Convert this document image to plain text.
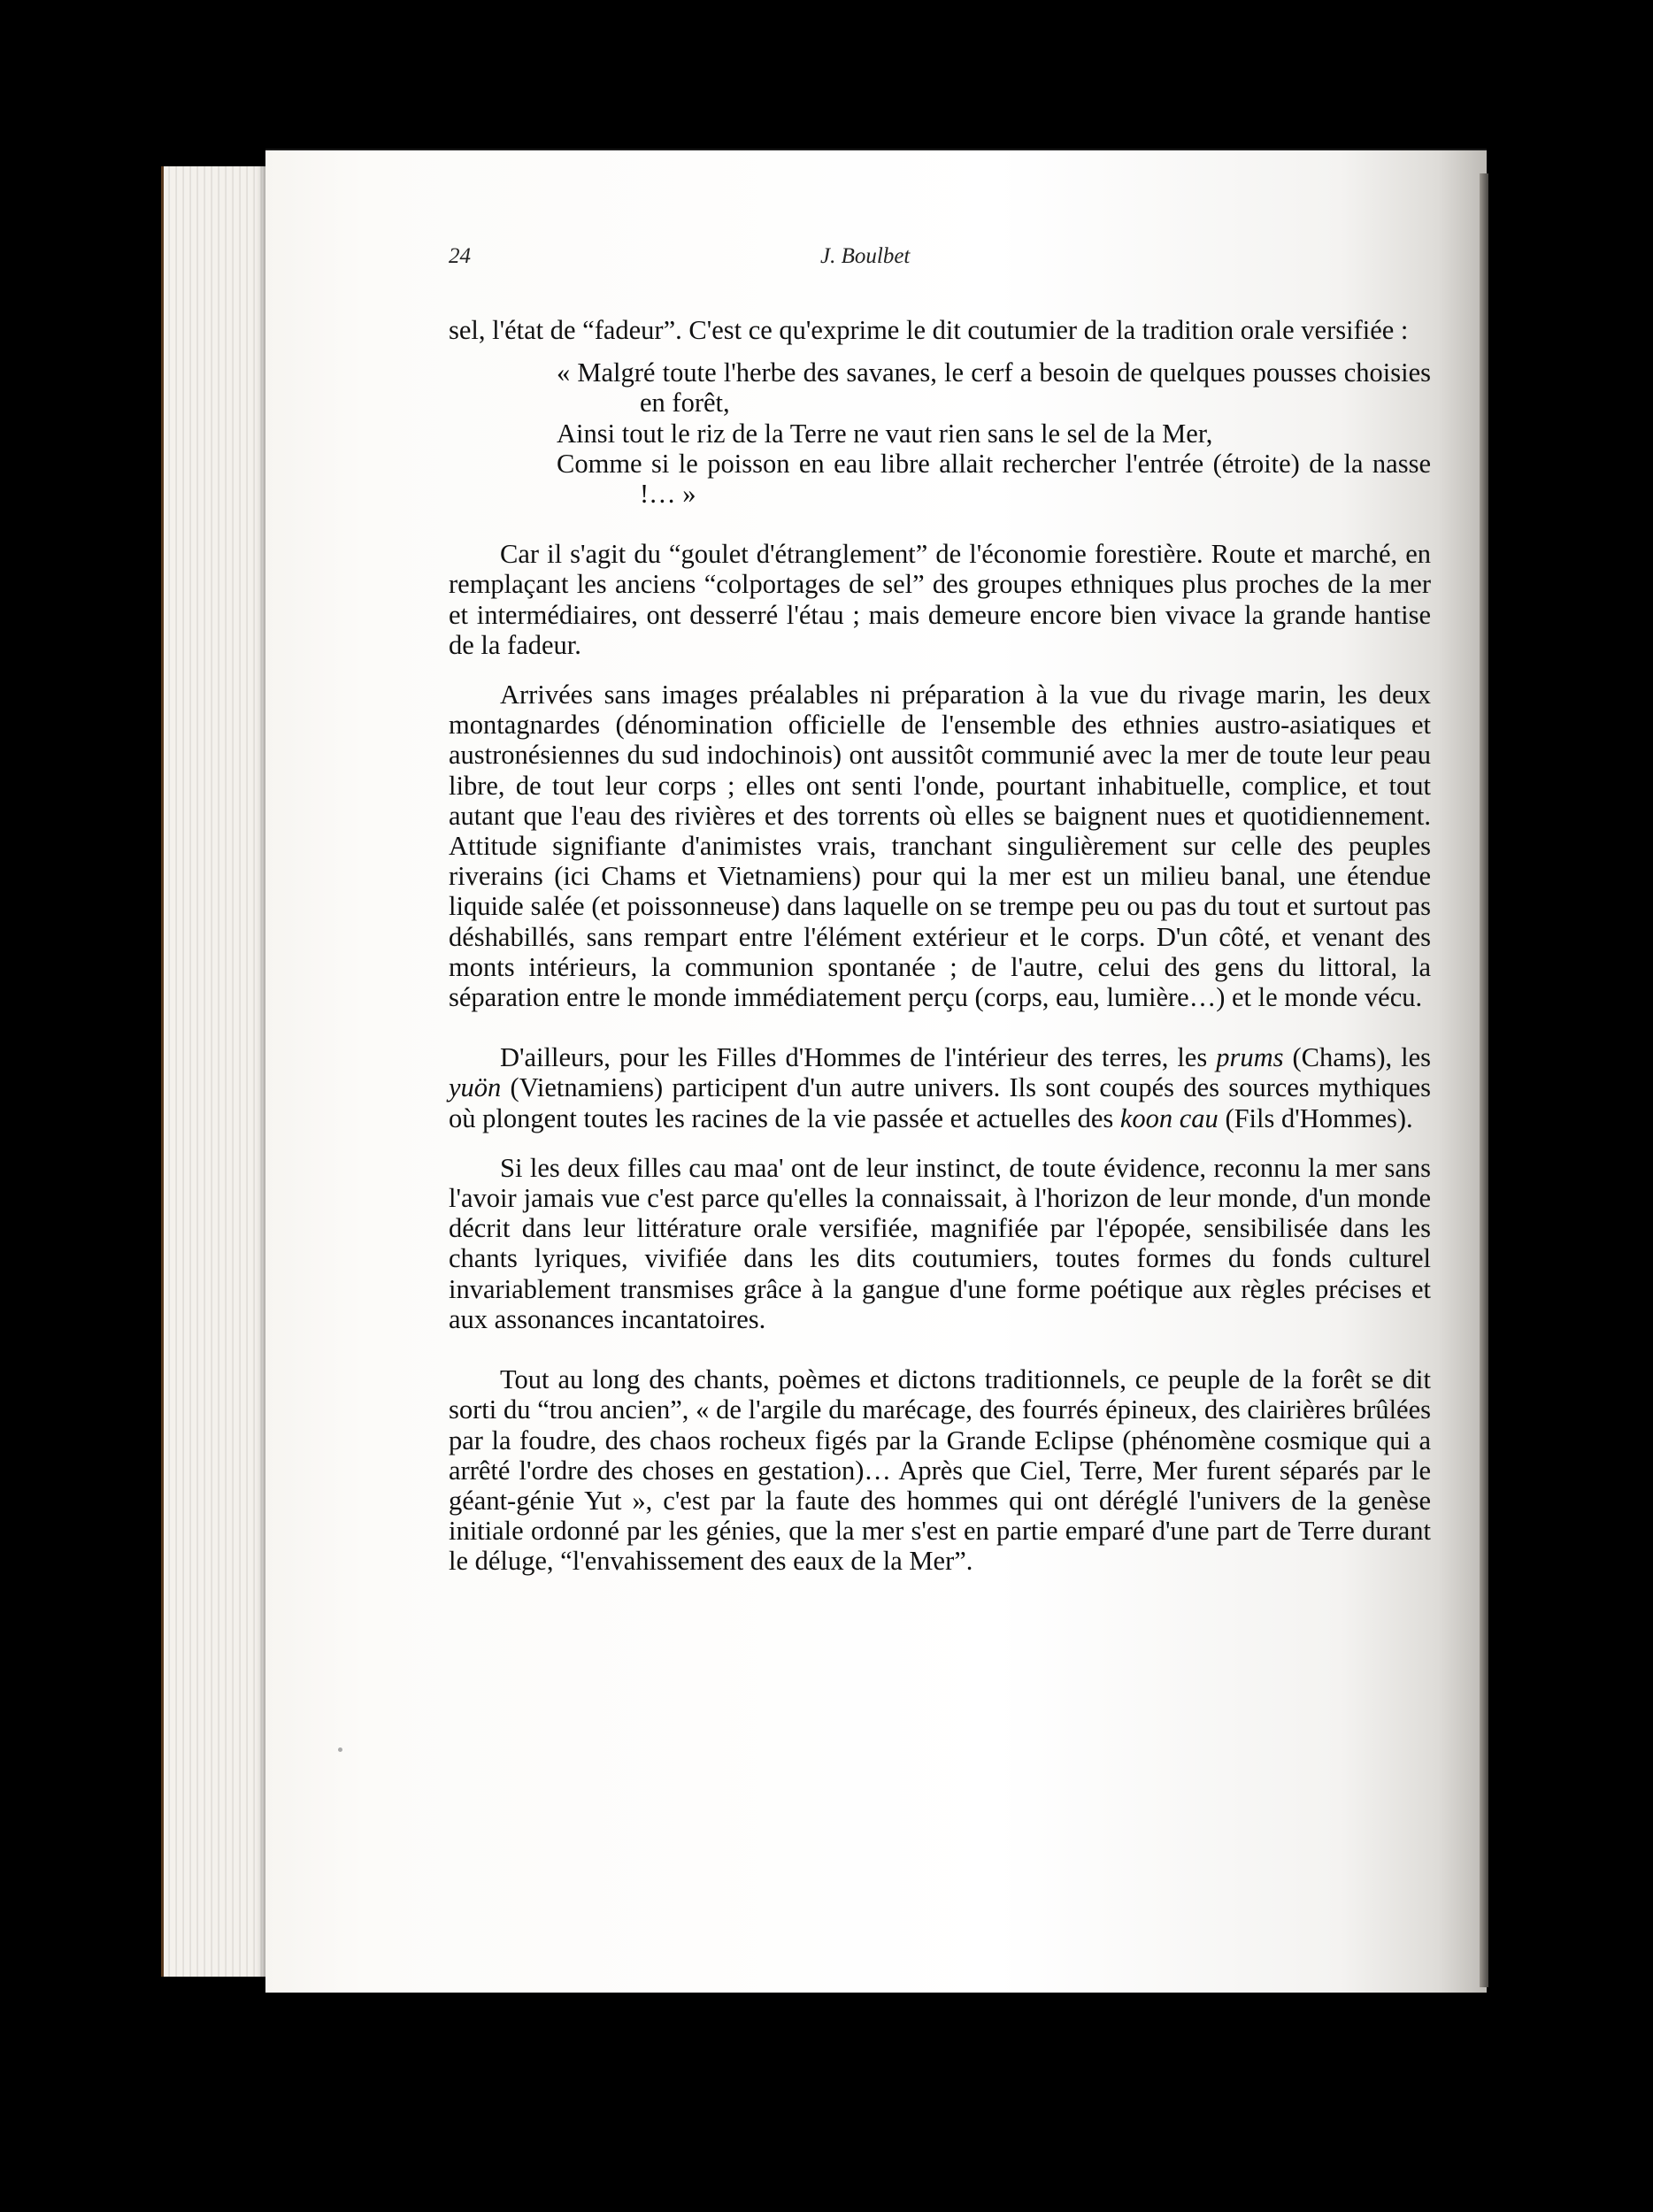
24	J. Boulbet

sel, l'état de “fadeur”. C'est ce qu'exprime le dit coutumier de la tradition orale versifiée :

« Malgré toute l'herbe des savanes, le cerf a besoin de quelques pousses choisies en forêt,
Ainsi tout le riz de la Terre ne vaut rien sans le sel de la Mer,
Comme si le poisson en eau libre allait rechercher l'entrée (étroite) de la nasse !… »

Car il s'agit du “goulet d'étranglement” de l'économie forestière. Route et marché, en remplaçant les anciens “colportages de sel” des groupes ethniques plus proches de la mer et intermédiaires, ont desserré l'étau ; mais demeure encore bien vivace la grande hantise de la fadeur.

Arrivées sans images préalables ni préparation à la vue du rivage marin, les deux montagnardes (dénomination officielle de l'ensemble des ethnies austro-asiatiques et austronésiennes du sud indochinois) ont aussitôt communié avec la mer de toute leur peau libre, de tout leur corps ; elles ont senti l'onde, pourtant inhabituelle, complice, et tout autant que l'eau des rivières et des torrents où elles se baignent nues et quotidiennement. Attitude signifiante d'animistes vrais, tranchant singulièrement sur celle des peuples riverains (ici Chams et Vietnamiens) pour qui la mer est un milieu banal, une étendue liquide salée (et poissonneuse) dans laquelle on se trempe peu ou pas du tout et surtout pas déshabillés, sans rempart entre l'élément extérieur et le corps. D'un côté, et venant des monts intérieurs, la communion spontanée ; de l'autre, celui des gens du littoral, la séparation entre le monde immédiatement perçu (corps, eau, lumière…) et le monde vécu.

D'ailleurs, pour les Filles d'Hommes de l'intérieur des terres, les prums (Chams), les yuön (Vietnamiens) participent d'un autre univers. Ils sont coupés des sources mythiques où plongent toutes les racines de la vie passée et actuelles des koon cau (Fils d'Hommes).

Si les deux filles cau maa' ont de leur instinct, de toute évidence, reconnu la mer sans l'avoir jamais vue c'est parce qu'elles la connaissait, à l'horizon de leur monde, d'un monde décrit dans leur littérature orale versifiée, magnifiée par l'épopée, sensibilisée dans les chants lyriques, vivifiée dans les dits coutumiers, toutes formes du fonds culturel invariablement transmises grâce à la gangue d'une forme poétique aux règles précises et aux assonances incantatoires.

Tout au long des chants, poèmes et dictons traditionnels, ce peuple de la forêt se dit sorti du “trou ancien”, « de l'argile du marécage, des fourrés épineux, des clairières brûlées par la foudre, des chaos rocheux figés par la Grande Eclipse (phénomène cosmique qui a arrêté l'ordre des choses en gestation)… Après que Ciel, Terre, Mer furent séparés par le géant-génie Yut », c'est par la faute des hommes qui ont déréglé l'univers de la genèse initiale ordonné par les génies, que la mer s'est en partie emparé d'une part de Terre durant le déluge, “l'envahissement des eaux de la Mer”.
